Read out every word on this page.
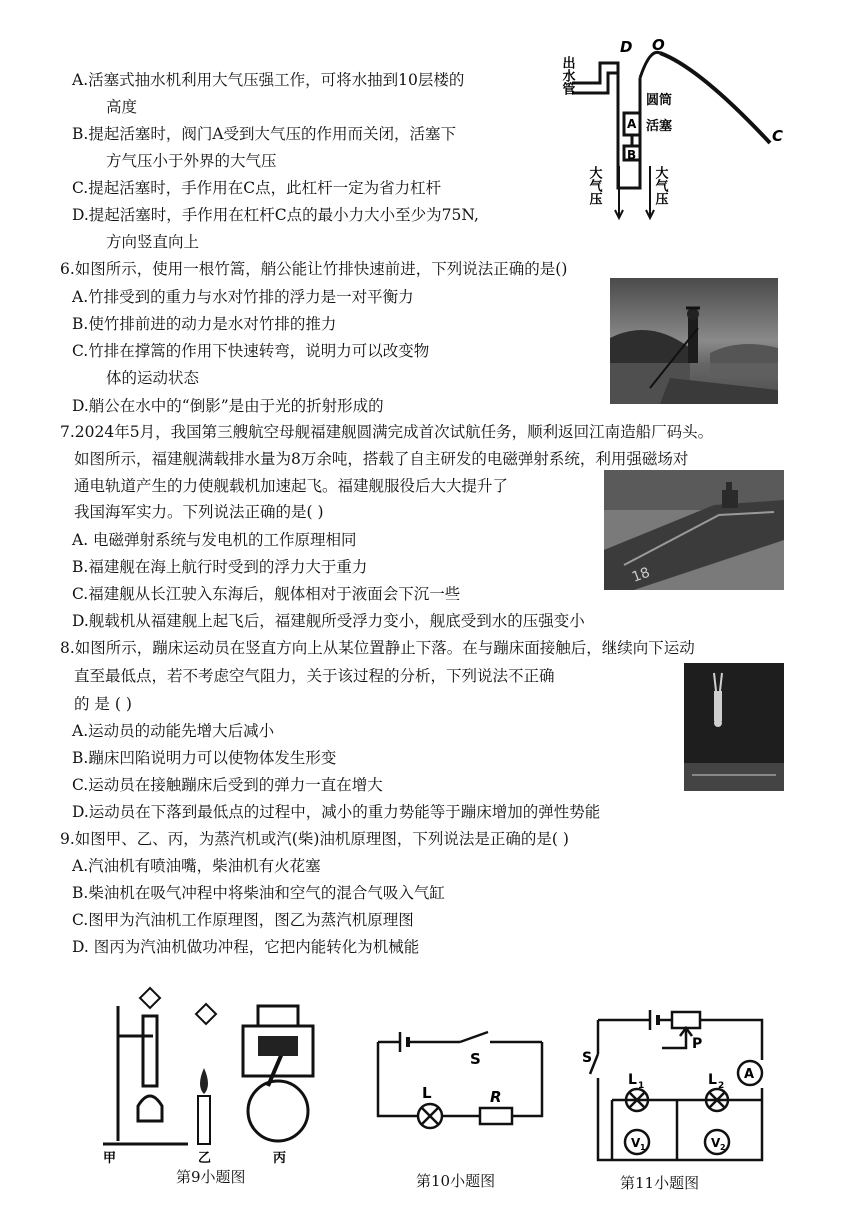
A.活塞式抽水机利用大气压强工作，可将水抽到10层楼的
高度
B.提起活塞时，阀门A受到大气压的作用而关闭，活塞下
方气压小于外界的大气压
C.提起活塞时，手作用在C点，此杠杆一定为省力杠杆
D.提起活塞时，手作用在杠杆C点的最小力大小至少为75N,
方向竖直向上
出水管
D O
C
A
B
圆筒
活塞
大气压	大气压
6.如图所示，使用一根竹篙，艄公能让竹排快速前进，下列说法正确的是()
A.竹排受到的重力与水对竹排的浮力是一对平衡力
B.使竹排前进的动力是水对竹排的推力
C.竹排在撑篙的作用下快速转弯，说明力可以改变物
体的运动状态
D.艄公在水中的“倒影”是由于光的折射形成的
7.2024年5月，我国第三艘航空母舰福建舰圆满完成首次试航任务，顺利返回江南造船厂码头。
如图所示，福建舰满载排水量为8万余吨，搭载了自主研发的电磁弹射系统，利用强磁场对
通电轨道产生的力使舰载机加速起飞。福建舰服役后大大提升了
我国海军实力。下列说法正确的是( )
A. 电磁弹射系统与发电机的工作原理相同
B.福建舰在海上航行时受到的浮力大于重力
C.福建舰从长江驶入东海后，舰体相对于液面会下沉一些
D.舰载机从福建舰上起飞后，福建舰所受浮力变小，舰底受到水的压强变小
18
8.如图所示，蹦床运动员在竖直方向上从某位置静止下落。在与蹦床面接触后，继续向下运动
直至最低点，若不考虑空气阻力，关于该过程的分析，下列说法不正确
的 是 ( )
A.运动员的动能先增大后减小
B.蹦床凹陷说明力可以使物体发生形变
C.运动员在接触蹦床后受到的弹力一直在增大
D.运动员在下落到最低点的过程中，减小的重力势能等于蹦床增加的弹性势能
9.如图甲、乙、丙，为蒸汽机或汽(柴)油机原理图，下列说法是正确的是( )
A.汽油机有喷油嘴，柴油机有火花塞
B.柴油机在吸气冲程中将柴油和空气的混合气吸入气缸
C.图甲为汽油机工作原理图，图乙为蒸汽机原理图
D. 图丙为汽油机做功冲程，它把内能转化为机械能
甲	乙	丙
第9小题图
S
L	R
第10小题图
S
P
A
L 1	L 2
V 1	V 2
第11小题图
